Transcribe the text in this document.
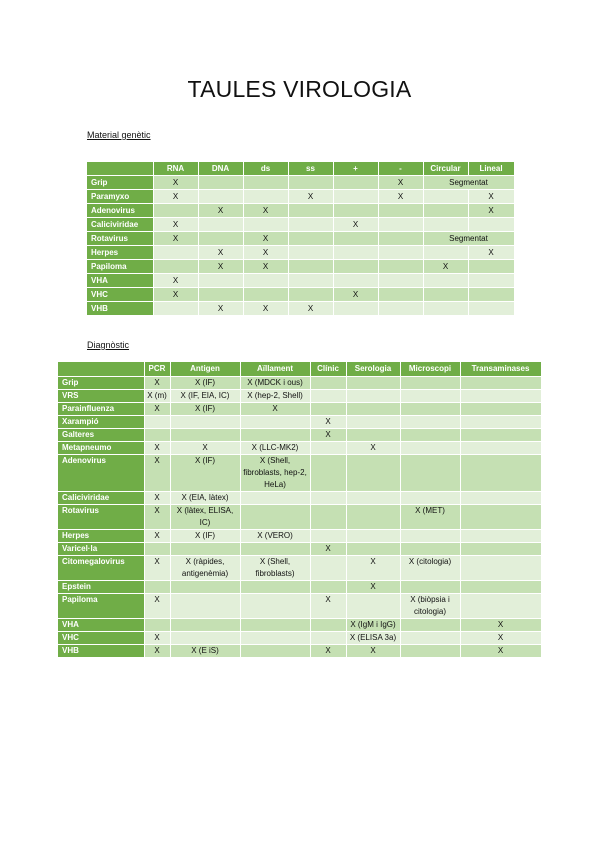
TAULES VIROLOGIA
Material genètic
	RNA	DNA	ds	ss	+	-	Circular	Lineal
Grip	X					X	Segmentat	
Paramyxo	X			X		X		X
Adenovirus		X	X					X
Caliciviridae	X				X			
Rotavirus	X		X				Segmentat	
Herpes		X	X					X
Papiloma		X	X				X	
VHA	X							
VHC	X				X			
VHB		X	X	X				
Diagnòstic
	PCR	Antigen	Aïllament	Clínic	Serologia	Microscopi	Transaminases
Grip	X	X (IF)	X (MDCK i ous)				
VRS	X (m)	X (IF, EIA, IC)	X (hep-2, Shell)				
Parainfluenza	X	X (IF)	X				
Xarampió				X			
Galteres				X			
Metapneumo	X	X	X (LLC-MK2)		X		
Adenovirus	X	X (IF)	X (Shell, fibroblasts, hep-2, HeLa)				
Caliciviridae	X	X (EIA, làtex)					
Rotavirus	X	X (làtex, ELISA, IC)				X (MET)	
Herpes	X	X (IF)	X (VERO)				
Varicel·la				X			
Citomegalovirus	X	X (ràpides, antigenèmia)	X (Shell, fibroblasts)		X	X (citologia)	
Epstein					X		
Papiloma	X			X		X (biòpsia i citologia)	
VHA					X (IgM i IgG)		X
VHC	X				X (ELISA 3a)		X
VHB	X	X (E iS)		X	X		X
